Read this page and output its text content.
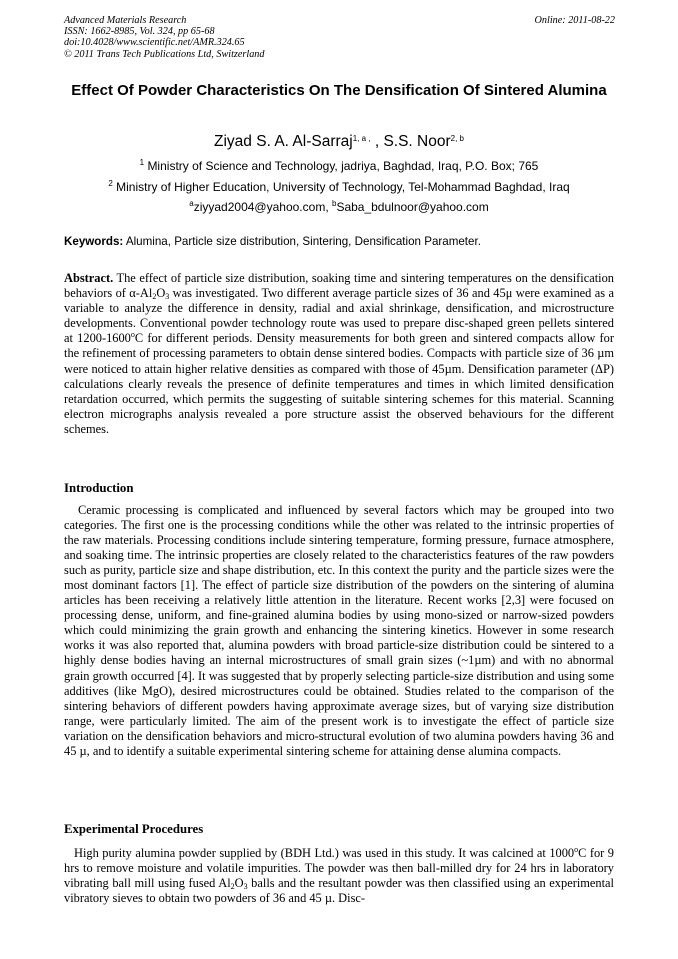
Advanced Materials Research
ISSN: 1662-8985, Vol. 324, pp 65-68
doi:10.4028/www.scientific.net/AMR.324.65
© 2011 Trans Tech Publications Ltd, Switzerland
Online: 2011-08-22
Effect Of Powder Characteristics On The Densification Of Sintered Alumina
Ziyad S. A. Al-Sarraj$^{1, a ,}$ , S.S. Noor$^{2, b}$
$^1$ Ministry of Science and Technology, jadriya, Baghdad, Iraq, P.O. Box; 765
$^2$ Ministry of Higher Education, University of Technology, Tel-Mohammad Baghdad, Iraq
$^a$ziyyad2004@yahoo.com, $^b$Saba_bdulnoor@yahoo.com
Keywords: Alumina, Particle size distribution, Sintering, Densification Parameter.
Abstract. The effect of particle size distribution, soaking time and sintering temperatures on the densification behaviors of $\alpha-Al_2O_3$ was investigated. Two different average particle sizes of 36 and 45μ were examined as a variable to analyze the difference in density, radial and axial shrinkage, densification, and microstructure developments. Conventional powder technology route was used to prepare disc-shaped green pellets sintered at 1200-1600$^o$C for different periods. Density measurements for both green and sintered compacts allow for the refinement of processing parameters to obtain dense sintered bodies. Compacts with particle size of 36 µm were noticed to attain higher relative densities as compared with those of 45µm. Densification parameter (ΔP) calculations clearly reveals the presence of definite temperatures and times in which limited densification retardation occurred, which permits the suggesting of suitable sintering schemes for this material. Scanning electron micrographs analysis revealed a pore structure assist the observed behaviours for the different schemes.
Introduction
Ceramic processing is complicated and influenced by several factors which may be grouped into two categories. The first one is the processing conditions while the other was related to the intrinsic properties of the raw materials. Processing conditions include sintering temperature, forming pressure, furnace atmosphere, and soaking time. The intrinsic properties are closely related to the characteristics features of the raw powders such as purity, particle size and shape distribution, etc. In this context the purity and the particle sizes were the most dominant factors [1]. The effect of particle size distribution of the powders on the sintering of alumina articles has been receiving a relatively little attention in the literature. Recent works [2,3] were focused on processing dense, uniform, and fine-grained alumina bodies by using mono-sized or narrow-sized powders which could minimizing the grain growth and enhancing the sintering kinetics. However in some research works it was also reported that, alumina powders with broad particle-size distribution could be sintered to a highly dense bodies having an internal microstructures of small grain sizes (~1µm) and with no abnormal grain growth occurred [4]. It was suggested that by properly selecting particle-size distribution and using some additives (like MgO), desired microstructures could be obtained. Studies related to the comparison of the sintering behaviors of different powders having approximate average sizes, but of varying size distribution range, were particularly limited. The aim of the present work is to investigate the effect of particle size variation on the densification behaviors and micro-structural evolution of two alumina powders having 36 and 45 µ, and to identify a suitable experimental sintering scheme for attaining dense alumina compacts.
Experimental Procedures
High purity alumina powder supplied by (BDH Ltd.) was used in this study. It was calcined at 1000$^o$C for 9 hrs to remove moisture and volatile impurities. The powder was then ball-milled dry for 24 hrs in laboratory vibrating ball mill using fused $Al_2O_3$ balls and the resultant powder was then classified using an experimental vibratory sieves to obtain two powders of 36 and 45 µ. Disc-
